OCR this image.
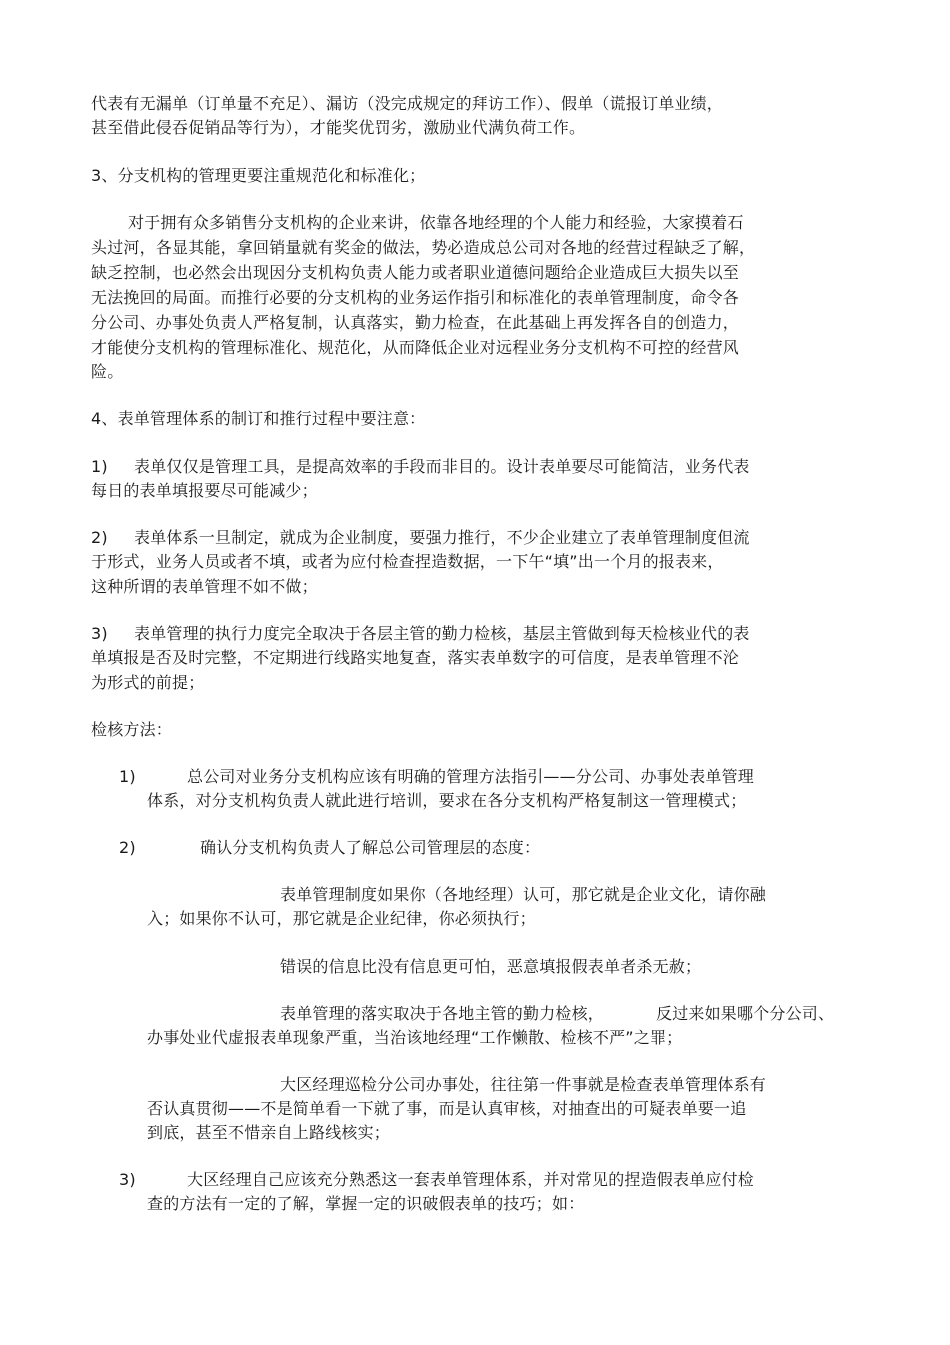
代表有无漏单（订单量不充足）、漏访（没完成规定的拜访工作）、假单（谎报订单业绩，
甚至借此侵吞促销品等行为），才能奖优罚劣，激励业代满负荷工作。
3、分支机构的管理更要注重规范化和标准化；
对于拥有众多销售分支机构的企业来讲，依靠各地经理的个人能力和经验，大家摸着石
头过河，各显其能，拿回销量就有奖金的做法，势必造成总公司对各地的经营过程缺乏了解，
缺乏控制，也必然会出现因分支机构负责人能力或者职业道德问题给企业造成巨大损失以至
无法挽回的局面。而推行必要的分支机构的业务运作指引和标准化的表单管理制度，命令各
分公司、办事处负责人严格复制，认真落实，勤力检查，在此基础上再发挥各自的创造力，
才能使分支机构的管理标准化、规范化，从而降低企业对远程业务分支机构不可控的经营风
险。
4、表单管理体系的制订和推行过程中要注意：
1) 表单仅仅是管理工具，是提高效率的手段而非目的。设计表单要尽可能简洁，业务代表
每日的表单填报要尽可能减少；
2) 表单体系一旦制定，就成为企业制度，要强力推行，不少企业建立了表单管理制度但流
于形式，业务人员或者不填，或者为应付检查捏造数据，一下午“填”出一个月的报表来，
这种所谓的表单管理不如不做；
3) 表单管理的执行力度完全取决于各层主管的勤力检核，基层主管做到每天检核业代的表
单填报是否及时完整，不定期进行线路实地复查，落实表单数字的可信度，是表单管理不沦
为形式的前提；
检核方法：
1)	总公司对业务分支机构应该有明确的管理方法指引——分公司、办事处表单管理
体系，对分支机构负责人就此进行培训，要求在各分支机构严格复制这一管理模式；
2)	确认分支机构负责人了解总公司管理层的态度：
表单管理制度如果你（各地经理）认可，那它就是企业文化，请你融
入；如果你不认可，那它就是企业纪律，你必须执行；
错误的信息比没有信息更可怕，恶意填报假表单者杀无赦；
表单管理的落实取决于各地主管的勤力检核，	反过来如果哪个分公司、
办事处业代虚报表单现象严重，当治该地经理“工作懒散、检核不严”之罪；
大区经理巡检分公司办事处，往往第一件事就是检查表单管理体系有
否认真贯彻——不是简单看一下就了事，而是认真审核，对抽查出的可疑表单要一追
到底，甚至不惜亲自上路线核实；
3)	大区经理自己应该充分熟悉这一套表单管理体系，并对常见的捏造假表单应付检
查的方法有一定的了解，掌握一定的识破假表单的技巧；如：
